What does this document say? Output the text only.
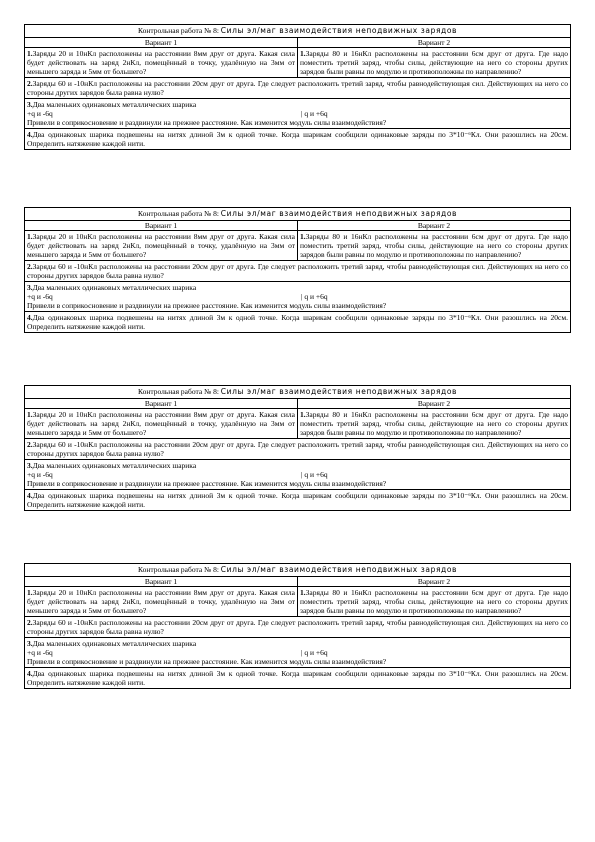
Контрольная работа № 8: Силы эл/маг взаимодействия неподвижных зарядов	
Вариант 1	Вариант 2
1.Заряды 20 и 10нКл расположены на расстоянии 8мм друг от друга. Какая сила будет действовать на заряд 2нКл, помещённый в точку, удалённую на 3мм от меньшего заряда и 5мм от большего?	1.Заряды 80 и 16нКл расположены на расстоянии 6см друг от друга. Где надо поместить третий заряд, чтобы силы, действующие на него со стороны других зарядов были равны по модулю и противоположны по направлению?
2.Заряды 60 и -10нКл расположены на расстоянии 20см друг от друга. Где следует расположить третий заряд, чтобы равнодействующая сил. Действующих на него со стороны других зарядов была равна нулю?	

3.Два маленьких одинаковых металлических шарика
+q и -6q | q и +6q
Привели в соприкосновение и раздвинули на прежнее расстояние. Как изменится модуль силы взаимодействия?	

4.Два одинаковых шарика подвешены на нитях длиной 3м к одной точке. Когда шарикам сообщили одинаковые заряды по 3*10⁻⁶Кл. Они разошлись на 20см. Определить натяжение каждой нити.	
Контрольная работа № 8: Силы эл/маг взаимодействия неподвижных зарядов	
Вариант 1	Вариант 2
1.Заряды 20 и 10нКл расположены на расстоянии 8мм друг от друга. Какая сила будет действовать на заряд 2нКл, помещённый в точку, удалённую на 3мм от меньшего заряда и 5мм от большего?	1.Заряды 80 и 16нКл расположены на расстоянии 6см друг от друга. Где надо поместить третий заряд, чтобы силы, действующие на него со стороны других зарядов были равны по модулю и противоположны по направлению?
2.Заряды 60 и -10нКл расположены на расстоянии 20см друг от друга. Где следует расположить третий заряд, чтобы равнодействующая сил. Действующих на него со стороны других зарядов была равна нулю?	

3.Два маленьких одинаковых металлических шарика
+q и -6q | q и +6q
Привели в соприкосновение и раздвинули на прежнее расстояние. Как изменится модуль силы взаимодействия?	

4.Два одинаковых шарика подвешены на нитях длиной 3м к одной точке. Когда шарикам сообщили одинаковые заряды по 3*10⁻⁶Кл. Они разошлись на 20см. Определить натяжение каждой нити.	
Контрольная работа № 8: Силы эл/маг взаимодействия неподвижных зарядов	
Вариант 1	Вариант 2
1.Заряды 20 и 10нКл расположены на расстоянии 8мм друг от друга. Какая сила будет действовать на заряд 2нКл, помещённый в точку, удалённую на 3мм от меньшего заряда и 5мм от большего?	1.Заряды 80 и 16нКл расположены на расстоянии 6см друг от друга. Где надо поместить третий заряд, чтобы силы, действующие на него со стороны других зарядов были равны по модулю и противоположны по направлению?
2.Заряды 60 и -10нКл расположены на расстоянии 20см друг от друга. Где следует расположить третий заряд, чтобы равнодействующая сил. Действующих на него со стороны других зарядов была равна нулю?	

3.Два маленьких одинаковых металлических шарика
+q и -6q | q и +6q
Привели в соприкосновение и раздвинули на прежнее расстояние. Как изменится модуль силы взаимодействия?	

4.Два одинаковых шарика подвешены на нитях длиной 3м к одной точке. Когда шарикам сообщили одинаковые заряды по 3*10⁻⁶Кл. Они разошлись на 20см. Определить натяжение каждой нити.	
Контрольная работа № 8: Силы эл/маг взаимодействия неподвижных зарядов	
Вариант 1	Вариант 2
1.Заряды 20 и 10нКл расположены на расстоянии 8мм друг от друга. Какая сила будет действовать на заряд 2нКл, помещённый в точку, удалённую на 3мм от меньшего заряда и 5мм от большего?	1.Заряды 80 и 16нКл расположены на расстоянии 6см друг от друга. Где надо поместить третий заряд, чтобы силы, действующие на него со стороны других зарядов были равны по модулю и противоположны по направлению?
2.Заряды 60 и -10нКл расположены на расстоянии 20см друг от друга. Где следует расположить третий заряд, чтобы равнодействующая сил. Действующих на него со стороны других зарядов была равна нулю?	

3.Два маленьких одинаковых металлических шарика
+q и -6q | q и +6q
Привели в соприкосновение и раздвинули на прежнее расстояние. Как изменится модуль силы взаимодействия?	

4.Два одинаковых шарика подвешены на нитях длиной 3м к одной точке. Когда шарикам сообщили одинаковые заряды по 3*10⁻⁶Кл. Они разошлись на 20см. Определить натяжение каждой нити.	
